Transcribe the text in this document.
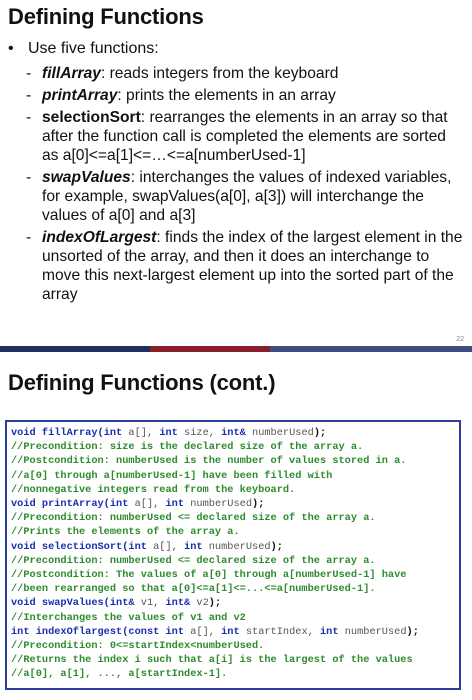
Defining Functions
• Use five functions:
- fillArray: reads integers from the keyboard
- printArray: prints the elements in an array
- selectionSort: rearranges the elements in an array so that after the function call is completed the elements are sorted as a[0]<=a[1]<=…<=a[numberUsed-1]
- swapValues: interchanges the values of indexed variables, for example, swapValues(a[0], a[3]) will interchange the values of a[0] and a[3]
- indexOfLargest: finds the index of the largest element in the unsorted of the array, and then it does an interchange to move this next-largest element up into the sorted part of the array
22
Defining Functions (cont.)
void fillArray(int a[], int size, int& numberUsed);
//Precondition: size is the declared size of the array a.
//Postcondition: numberUsed is the number of values stored in a.
//a[0] through a[numberUsed-1] have been filled with
//nonnegative integers read from the keyboard.
void printArray(int a[], int numberUsed);
//Precondition: numberUsed <= declared size of the array a.
//Prints the elements of the array a.
void selectionSort(int a[], int numberUsed);
//Precondition: numberUsed <= declared size of the array a.
//Postcondition: The values of a[0] through a[numberUsed-1] have
//been rearranged so that a[0]<=a[1]<=...<=a[numberUsed-1].
void swapValues(int& v1, int& v2);
//Interchanges the values of v1 and v2
int indexOflargest(const int a[], int startIndex, int numberUsed);
//Precondition: 0<=startIndex<numberUsed.
//Returns the index i such that a[i] is the largest of the values
//a[0], a[1], ..., a[startIndex-1].
